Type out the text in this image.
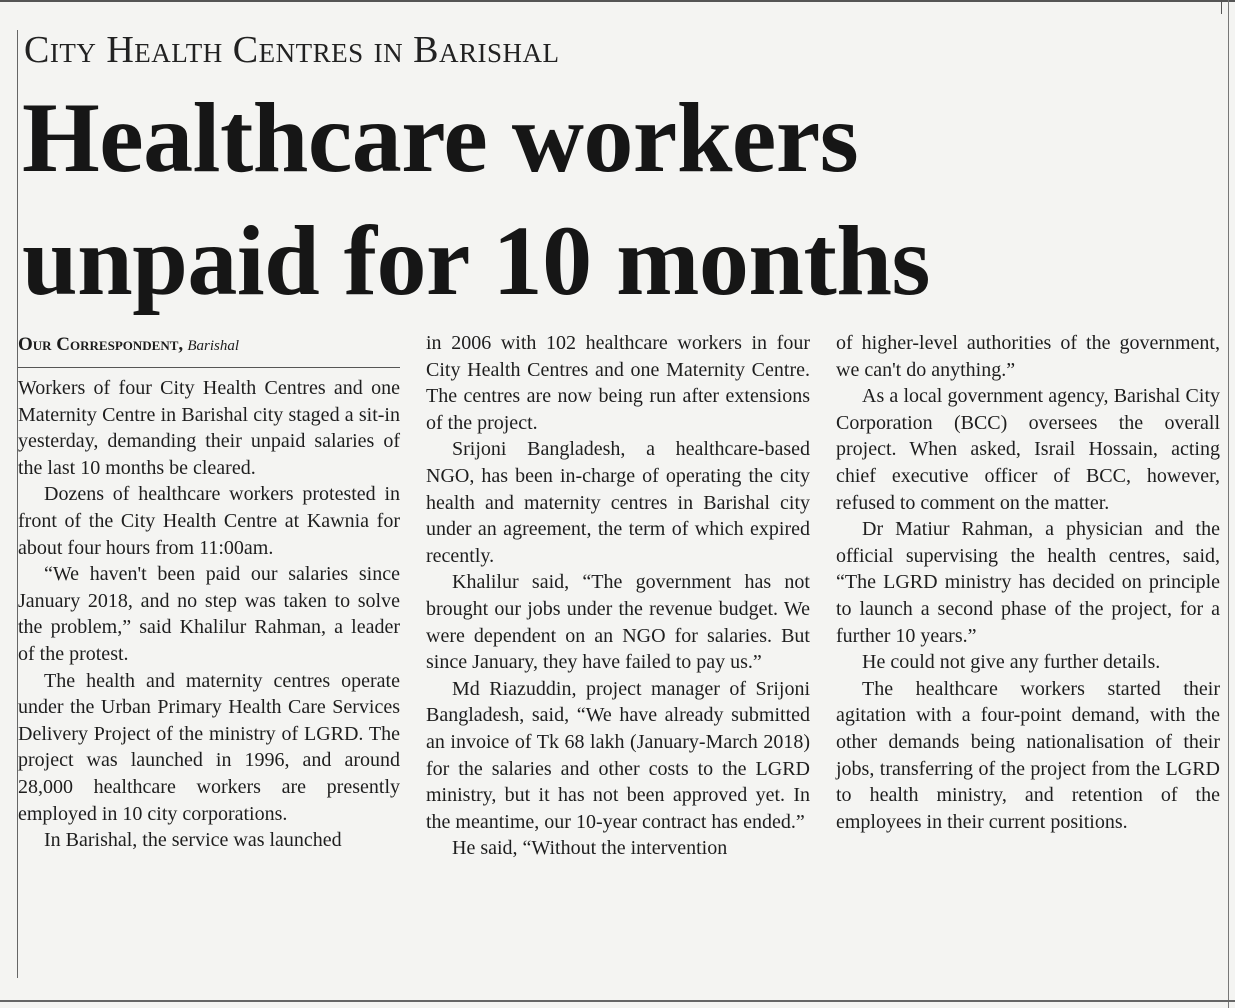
City Health Centres in Barishal
Healthcare workers
unpaid for 10 months
Our Correspondent, Barishal

Workers of four City Health Centres and one Maternity Centre in Barishal city staged a sit-in yesterday, demanding their unpaid salaries of the last 10 months be cleared.

Dozens of healthcare workers protested in front of the City Health Centre at Kawnia for about four hours from 11:00am.

“We haven't been paid our salaries since January 2018, and no step was taken to solve the problem,” said Khalilur Rahman, a leader of the protest.

The health and maternity centres operate under the Urban Primary Health Care Services Delivery Project of the ministry of LGRD. The project was launched in 1996, and around 28,000 healthcare workers are presently employed in 10 city corporations.

In Barishal, the service was launched

in 2006 with 102 healthcare workers in four City Health Centres and one Maternity Centre. The centres are now being run after extensions of the project.

Srijoni Bangladesh, a healthcare-based NGO, has been in-charge of operating the city health and maternity centres in Barishal city under an agreement, the term of which expired recently.

Khalilur said, “The government has not brought our jobs under the revenue budget. We were dependent on an NGO for salaries. But since January, they have failed to pay us.”

Md Riazuddin, project manager of Srijoni Bangladesh, said, “We have already submitted an invoice of Tk 68 lakh (January-March 2018) for the salaries and other costs to the LGRD ministry, but it has not been approved yet. In the meantime, our 10-year contract has ended.”

He said, “Without the intervention

of higher-level authorities of the government, we can't do anything.”

As a local government agency, Barishal City Corporation (BCC) oversees the overall project. When asked, Israil Hossain, acting chief executive officer of BCC, however, refused to comment on the matter.

Dr Matiur Rahman, a physician and the official supervising the health centres, said, “The LGRD ministry has decided on principle to launch a second phase of the project, for a further 10 years.”

He could not give any further details.

The healthcare workers started their agitation with a four-point demand, with the other demands being nationalisation of their jobs, transferring of the project from the LGRD to health ministry, and retention of the employees in their current positions.
